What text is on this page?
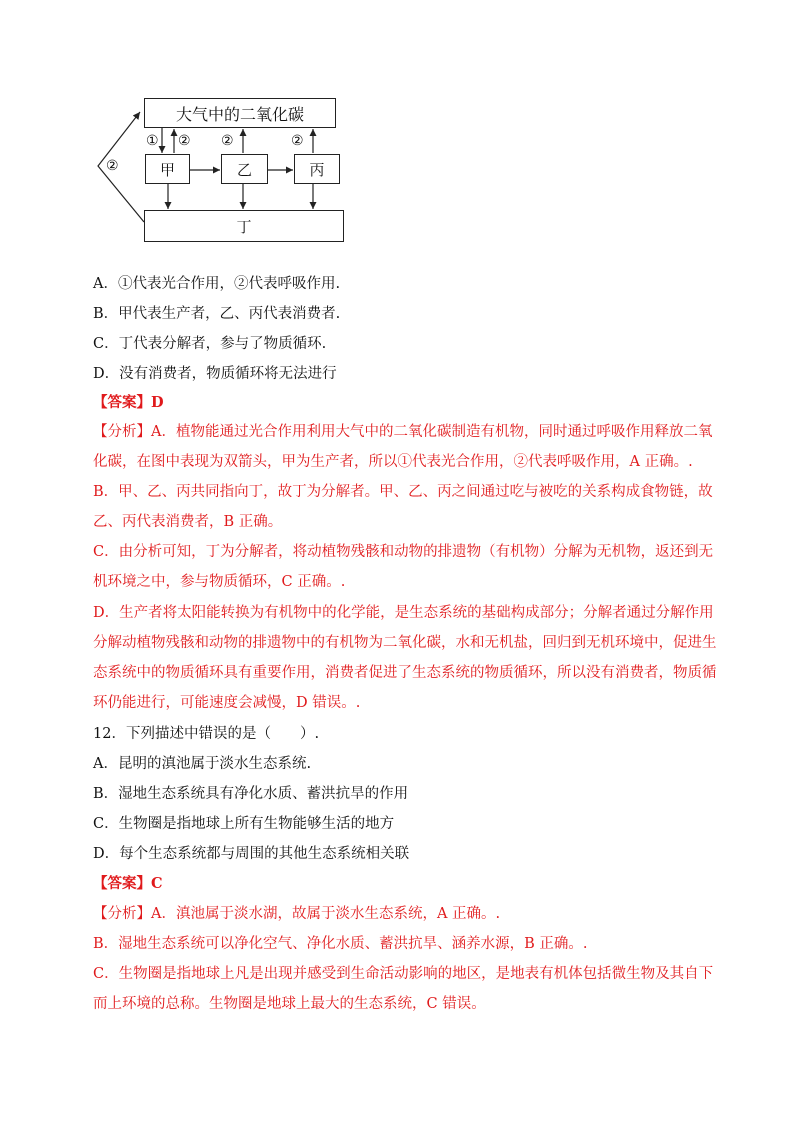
大气中的二氧化碳
甲	乙	丙
丁
① ② ②	②
②
A．①代表光合作用，②代表呼吸作用.
B．甲代表生产者，乙、丙代表消费者.
C．丁代表分解者，参与了物质循环.
D．没有消费者，物质循环将无法进行
【答案】D
【分析】A．植物能通过光合作用利用大气中的二氧化碳制造有机物，同时通过呼吸作用释放二氧
化碳，在图中表现为双箭头，甲为生产者，所以①代表光合作用，②代表呼吸作用，A 正确。.
B．甲、乙、丙共同指向丁，故丁为分解者。甲、乙、丙之间通过吃与被吃的关系构成食物链，故
乙、丙代表消费者，B 正确。
C．由分析可知，丁为分解者，将动植物残骸和动物的排遗物（有机物）分解为无机物，返还到无
机环境之中，参与物质循环，C 正确。.
D．生产者将太阳能转换为有机物中的化学能，是生态系统的基础构成部分；分解者通过分解作用
分解动植物残骸和动物的排遗物中的有机物为二氧化碳，水和无机盐，回归到无机环境中，促进生
态系统中的物质循环具有重要作用，消费者促进了生态系统的物质循环，所以没有消费者，物质循
环仍能进行，可能速度会减慢，D 错误。.
12．下列描述中错误的是（　　）.
A．昆明的滇池属于淡水生态系统.
B．湿地生态系统具有净化水质、蓄洪抗旱的作用
C．生物圈是指地球上所有生物能够生活的地方
D．每个生态系统都与周围的其他生态系统相关联
【答案】C
【分析】A．滇池属于淡水湖，故属于淡水生态系统，A 正确。.
B．湿地生态系统可以净化空气、净化水质、蓄洪抗旱、涵养水源，B 正确。.
C．生物圈是指地球上凡是出现并感受到生命活动影响的地区，是地表有机体包括微生物及其自下
而上环境的总称。生物圈是地球上最大的生态系统，C 错误。
